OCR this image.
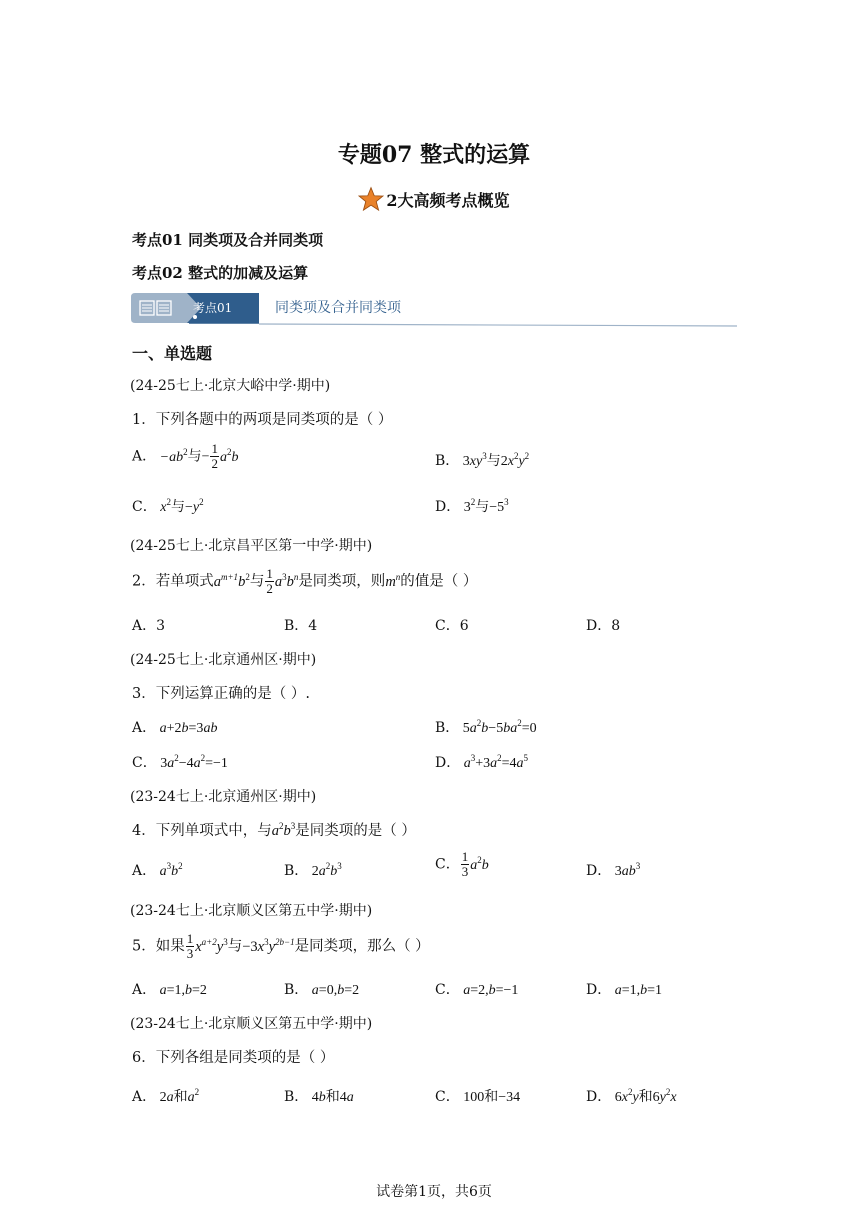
专题07 整式的运算
2大高频考点概览
考点01 同类项及合并同类项
考点02 整式的加减及运算
考点01	同类项及合并同类项
一、单选题
(24-25七上·北京大峪中学·期中)
1．下列各题中的两项是同类项的是（ ）
A． $-ab^2$与− $\frac{1}{2} a^2b$	B． $3xy^3$与$2x^2y^2$
C． $x^2$与$-y^2$	D． $3^2$与$-5^3$
(24-25七上·北京昌平区第一中学·期中)
2．若单项式$a^{m+1}b^2$与 $\frac{1}{2} a^3b^n$是同类项，则$m^n$的值是（ ）
A．3	B．4	C．6	D．8
(24-25七上·北京通州区·期中)
3．下列运算正确的是（ ）.
A． a+2b=3ab	B． $5a^2b-5ba^2=0$
C． $3a^2-4a^2=-1$	D． $a^3+3a^2=4a^5$
(23-24七上·北京通州区·期中)
4．下列单项式中，与$a^2b^3$是同类项的是（ ）
A． $a^3b^2$	B． $2a^2b^3$	C． $\frac{1}{3} a^2b$	D． $3ab^3$
(23-24七上·北京顺义区第五中学·期中)
5．如果 $\frac{1}{3} x^{a+2}y^3$与$-3x^3y^{2b-1}$是同类项，那么（ ）
A． a=1,b=2	B． a=0,b=2	C． a=2,b=−1	D． a=1,b=1
(23-24七上·北京顺义区第五中学·期中)
6．下列各组是同类项的是（ ）
A． 2a和$a^2$	B． 4b和4a	C． 100和−34	D． $6x^2y$和$6y^2x$
试卷第1页，共6页
